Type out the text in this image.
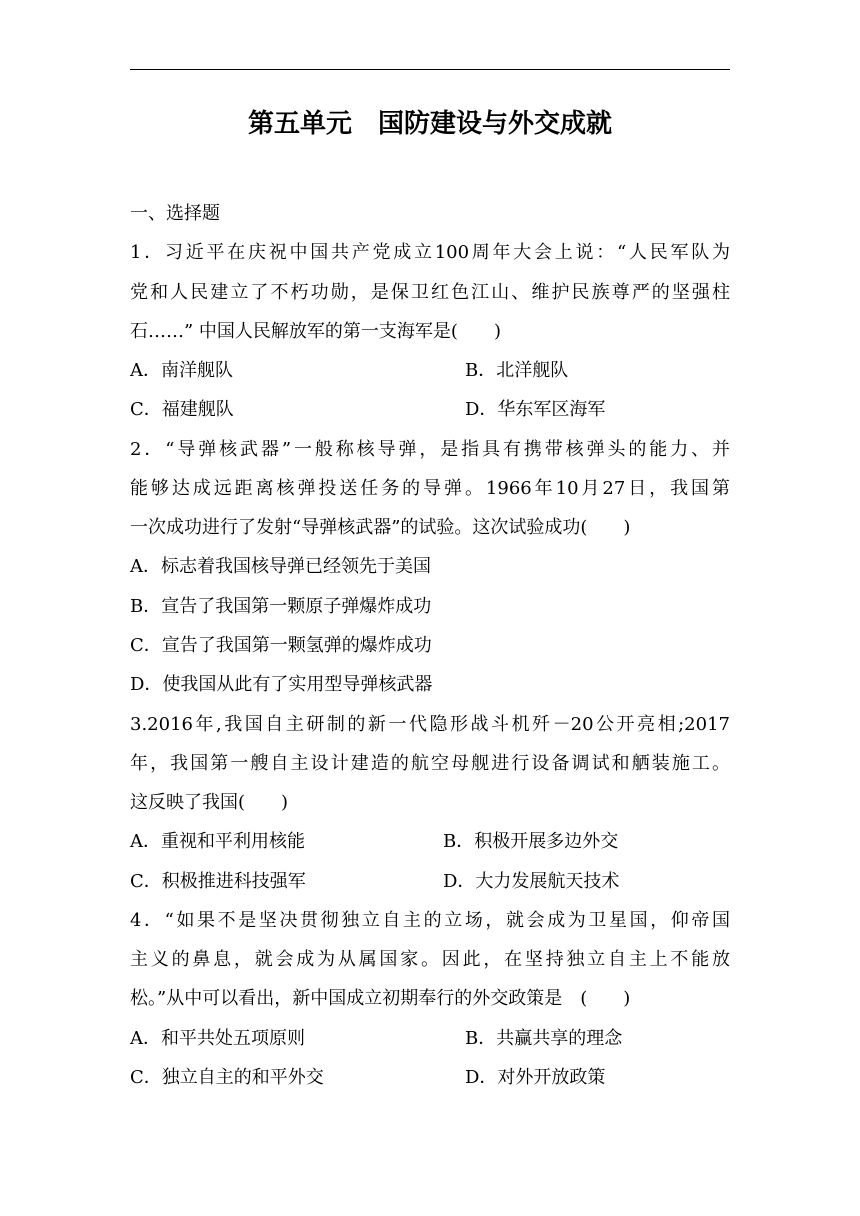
第五单元　国防建设与外交成就
一、选择题
1．习近平在庆祝中国共产党成立100周年大会上说：“人民军队为
党和人民建立了不朽功勋，是保卫红色江山、维护民族尊严的坚强柱
石……” 中国人民解放军的第一支海军是(　　)
A．南洋舰队	B．北洋舰队
C．福建舰队	D．华东军区海军
2．“导弹核武器”一般称核导弹，是指具有携带核弹头的能力、并
能够达成远距离核弹投送任务的导弹。1966年10月27日，我国第
一次成功进行了发射“导弹核武器”的试验。这次试验成功(　　)
A．标志着我国核导弹已经领先于美国
B．宣告了我国第一颗原子弹爆炸成功
C．宣告了我国第一颗氢弹的爆炸成功
D．使我国从此有了实用型导弹核武器
3.2016年,我国自主研制的新一代隐形战斗机歼－20公开亮相;2017
年，我国第一艘自主设计建造的航空母舰进行设备调试和舾装施工。
这反映了我国(　　)
A．重视和平利用核能	B．积极开展多边外交
C．积极推进科技强军	D．大力发展航天技术
4．“如果不是坚决贯彻独立自主的立场，就会成为卫星国，仰帝国
主义的鼻息，就会成为从属国家。因此，在坚持独立自主上不能放
松。”从中可以看出，新中国成立初期奉行的外交政策是　(　　)
A．和平共处五项原则	B．共赢共享的理念
C．独立自主的和平外交	D．对外开放政策
